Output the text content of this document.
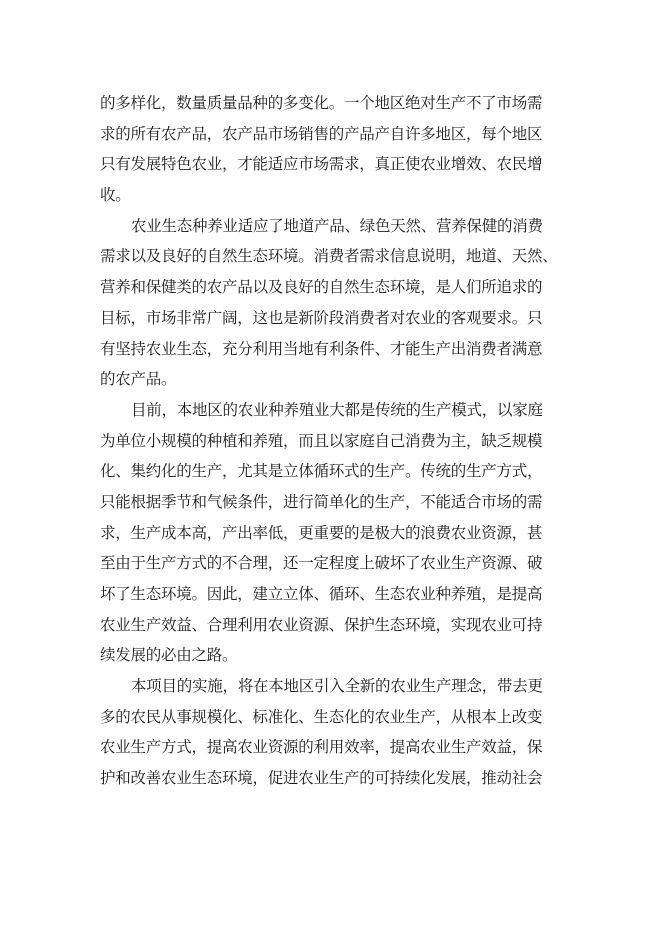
的多样化，数量质量品种的多变化。一个地区绝对生产不了市场需
求的所有农产品，农产品市场销售的产品产自许多地区，每个地区
只有发展特色农业，才能适应市场需求，真正使农业增效、农民增
收。
农业生态种养业适应了地道产品、绿色天然、营养保健的消费
需求以及良好的自然生态环境。消费者需求信息说明，地道、天然、
营养和保健类的农产品以及良好的自然生态环境，是人们所追求的
目标，市场非常广阔，这也是新阶段消费者对农业的客观要求。只
有坚持农业生态，充分利用当地有利条件、才能生产出消费者满意
的农产品。
目前，本地区的农业种养殖业大都是传统的生产模式，以家庭
为单位小规模的种植和养殖，而且以家庭自己消费为主，缺乏规模
化、集约化的生产，尤其是立体循环式的生产。传统的生产方式，
只能根据季节和气候条件，进行简单化的生产，不能适合市场的需
求，生产成本高，产出率低，更重要的是极大的浪费农业资源，甚
至由于生产方式的不合理，还一定程度上破坏了农业生产资源、破
坏了生态环境。因此，建立立体、循环、生态农业种养殖，是提高
农业生产效益、合理利用农业资源、保护生态环境，实现农业可持
续发展的必由之路。
本项目的实施，将在本地区引入全新的农业生产理念，带去更
多的农民从事规模化、标准化、生态化的农业生产，从根本上改变
农业生产方式，提高农业资源的利用效率，提高农业生产效益，保
护和改善农业生态环境，促进农业生产的可持续化发展，推动社会
